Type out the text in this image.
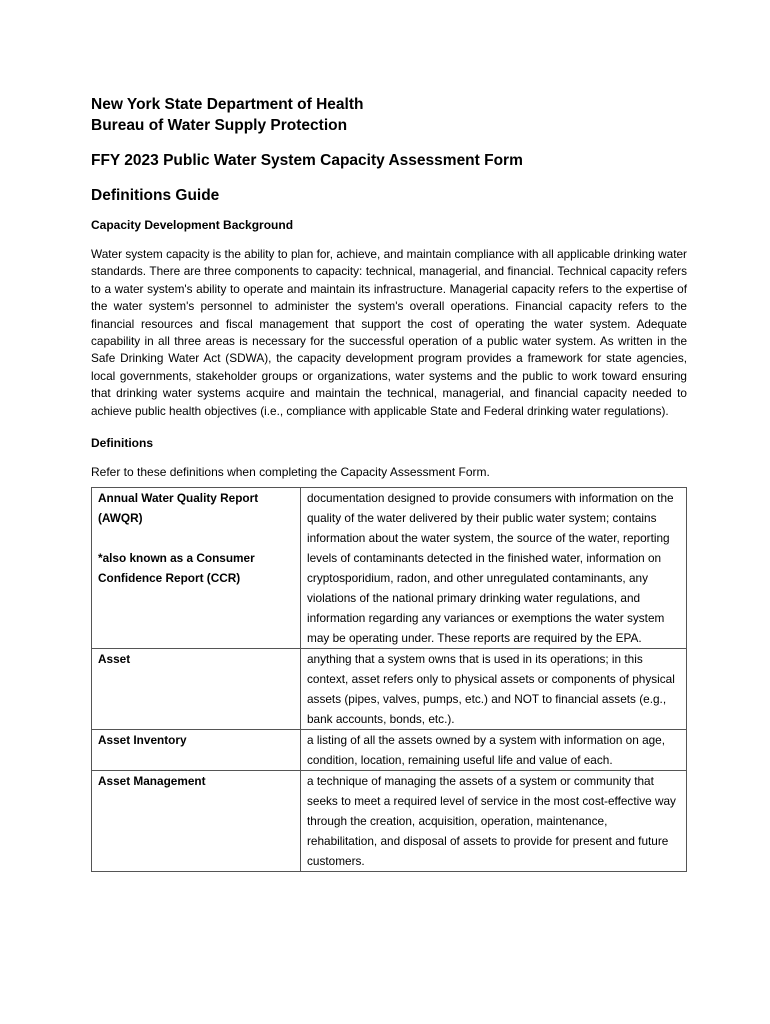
New York State Department of Health

Bureau of Water Supply Protection

FFY 2023 Public Water System Capacity Assessment Form

Definitions Guide

Capacity Development Background

Water system capacity is the ability to plan for, achieve, and maintain compliance with all applicable drinking water standards. There are three components to capacity: technical, managerial, and financial. Technical capacity refers to a water system's ability to operate and maintain its infrastructure. Managerial capacity refers to the expertise of the water system's personnel to administer the system's overall operations. Financial capacity refers to the financial resources and fiscal management that support the cost of operating the water system. Adequate capability in all three areas is necessary for the successful operation of a public water system. As written in the Safe Drinking Water Act (SDWA), the capacity development program provides a framework for state agencies, local governments, stakeholder groups or organizations, water systems and the public to work toward ensuring that drinking water systems acquire and maintain the technical, managerial, and financial capacity needed to achieve public health objectives (i.e., compliance with applicable State and Federal drinking water regulations).

Definitions

Refer to these definitions when completing the Capacity Assessment Form.

Annual Water Quality Report (AWQR)
*also known as a Consumer Confidence Report (CCR)	documentation designed to provide consumers with information on the quality of the water delivered by their public water system; contains information about the water system, the source of the water, reporting levels of contaminants detected in the finished water, information on cryptosporidium, radon, and other unregulated contaminants, any violations of the national primary drinking water regulations, and information regarding any variances or exemptions the water system may be operating under. These reports are required by the EPA.
Asset	anything that a system owns that is used in its operations; in this context, asset refers only to physical assets or components of physical assets (pipes, valves, pumps, etc.) and NOT to financial assets (e.g., bank accounts, bonds, etc.).
Asset Inventory	a listing of all the assets owned by a system with information on age, condition, location, remaining useful life and value of each.
Asset Management	a technique of managing the assets of a system or community that seeks to meet a required level of service in the most cost-effective way through the creation, acquisition, operation, maintenance, rehabilitation, and disposal of assets to provide for present and future customers.
